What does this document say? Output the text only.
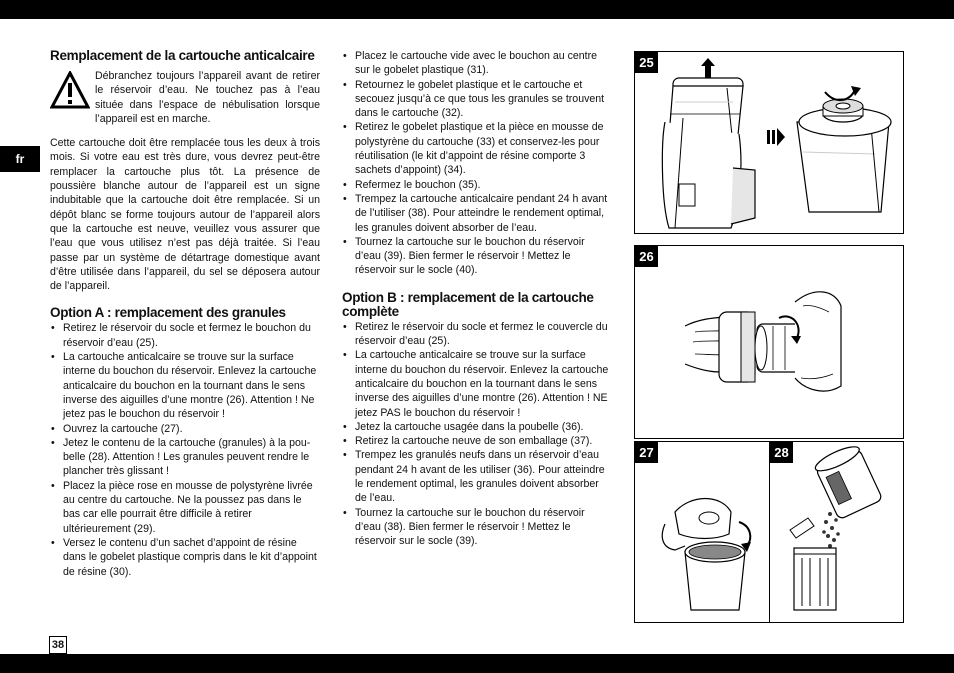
fr
38
Remplacement de la cartouche anticalcaire

Débranchez toujours l’appareil avant de retirer le réservoir d’eau. Ne touchez pas à l’eau située dans l’espace de nébulisation lorsque l’appareil est en marche.

Cette cartouche doit être remplacée tous les deux à trois mois. Si votre eau est très dure, vous devrez peut-être remplacer la cartouche plus tôt. La présence de poussière blanche autour de l’appareil est un signe indubitable que la cartouche doit être remplacée. Si un dépôt blanc se forme toujours autour de l’appareil alors que la cartouche est neuve, veuillez vous assurer que l’eau que vous utilisez n’est pas déjà traitée. Si l’eau passe par un système de détartrage domestique avant d’être utilisée dans l’appareil, du sel se déposera autour de l’appareil.

Option A : remplacement des granules
• Retirez le réservoir du socle et fermez le bouchon du réservoir d’eau (25).
• La cartouche anticalcaire se trouve sur la surface interne du bouchon du réservoir. Enlevez la cartouche anticalcaire du bouchon en la tournant dans le sens inverse des aiguilles d’une montre (26). Attention ! Ne jetez pas le bouchon du réservoir !
• Ouvrez la cartouche (27).
• Jetez le contenu de la cartouche (granules) à la pou-belle (28). Attention ! Les granules peuvent rendre le plancher très glissant !
• Placez la pièce rose en mousse de polystyrène livrée au centre du cartouche. Ne la poussez pas dans le bas car elle pourrait être difficile à retirer ultérieurement (29).
• Versez le contenu d’un sachet d’appoint de résine dans le gobelet plastique compris dans le kit d’appoint de résine (30).
• Placez le cartouche vide avec le bouchon au centre sur le gobelet plastique (31).
• Retournez le gobelet plastique et le cartouche et secouez jusqu’à ce que tous les granules se trouvent dans le cartouche (32).
• Retirez le gobelet plastique et la pièce en mousse de polystyrène du cartouche (33) et conservez-les pour réutilisation (le kit d’appoint de résine comporte 3 sachets d’appoint) (34).
• Refermez le bouchon (35).
• Trempez la cartouche anticalcaire pendant 24 h avant de l’utiliser (38). Pour atteindre le rendement optimal, les granules doivent absorber de l’eau.
• Tournez la cartouche sur le bouchon du réservoir d’eau (39). Bien fermer le réservoir ! Mettez le réservoir sur le socle (40).
Option B : remplacement de la cartouche complète
• Retirez le réservoir du socle et fermez le couvercle du réservoir d’eau (25).
• La cartouche anticalcaire se trouve sur la surface interne du bouchon du réservoir. Enlevez la cartouche anticalcaire du bouchon en la tournant dans le sens inverse des aiguilles d’une montre (26). Attention ! NE jetez PAS le bouchon du réservoir !
• Jetez la cartouche usagée dans la poubelle (36).
• Retirez la cartouche neuve de son emballage (37).
• Trempez les granulés neufs dans un réservoir d’eau pendant 24 h avant de les utiliser (36). Pour atteindre le rendement optimal, les granules doivent absorber de l’eau.
• Tournez la cartouche sur le bouchon du réservoir d’eau (38). Bien fermer le réservoir ! Mettez le réservoir sur le socle (39).
25
26
27	28
